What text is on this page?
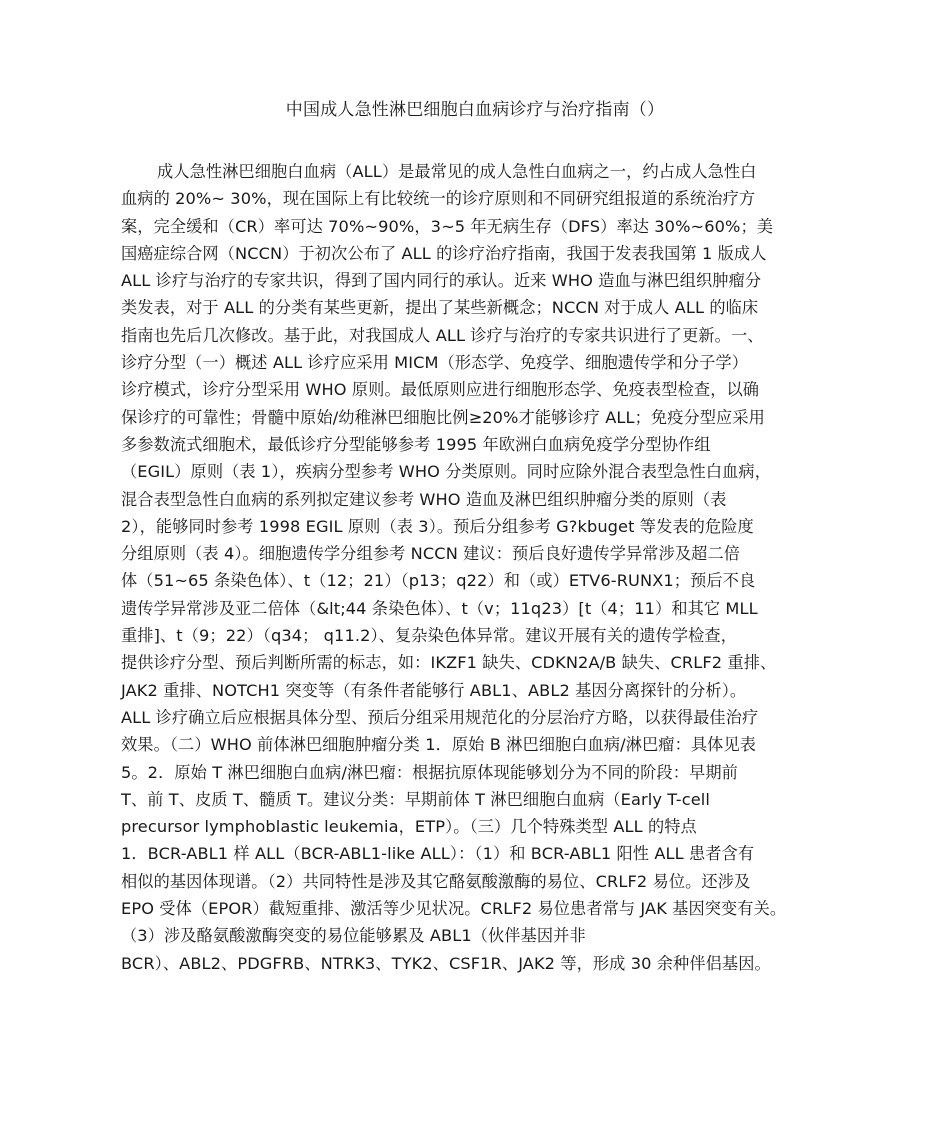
中国成人急性淋巴细胞白血病诊疗与治疗指南（）
成人急性淋巴细胞白血病（ALL）是最常见的成人急性白血病之一，约占成人急性白
血病的 20%~ 30%，现在国际上有比较统一的诊疗原则和不同研究组报道的系统治疗方
案，完全缓和（CR）率可达 70%~90%，3~5 年无病生存（DFS）率达 30%~60%；美
国癌症综合网（NCCN）于初次公布了 ALL 的诊疗治疗指南，我国于发表我国第 1 版成人
ALL 诊疗与治疗的专家共识，得到了国内同行的承认。近来 WHO 造血与淋巴组织肿瘤分
类发表，对于 ALL 的分类有某些更新，提出了某些新概念；NCCN 对于成人 ALL 的临床
指南也先后几次修改。基于此，对我国成人 ALL 诊疗与治疗的专家共识进行了更新。一、
诊疗分型（一）概述 ALL 诊疗应采用 MICM（形态学、免疫学、细胞遗传学和分子学）
诊疗模式，诊疗分型采用 WHO 原则。最低原则应进行细胞形态学、免疫表型检查，以确
保诊疗的可靠性；骨髓中原始/幼稚淋巴细胞比例≥20%才能够诊疗 ALL；免疫分型应采用
多参数流式细胞术，最低诊疗分型能够参考 1995 年欧洲白血病免疫学分型协作组
（EGIL）原则（表 1），疾病分型参考 WHO 分类原则。同时应除外混合表型急性白血病，
混合表型急性白血病的系列拟定建议参考 WHO 造血及淋巴组织肿瘤分类的原则（表
2），能够同时参考 1998 EGIL 原则（表 3）。预后分组参考 G?kbuget 等发表的危险度
分组原则（表 4）。细胞遗传学分组参考 NCCN 建议：预后良好遗传学异常涉及超二倍
体（51~65 条染色体）、t（12；21）（p13；q22）和（或）ETV6-RUNX1；预后不良
遗传学异常涉及亚二倍体（&lt;44 条染色体）、t（v；11q23）[t（4；11）和其它 MLL
重排]、t（9；22）（q34； q11.2）、复杂染色体异常。建议开展有关的遗传学检查，
提供诊疗分型、预后判断所需的标志，如：IKZF1 缺失、CDKN2A/B 缺失、CRLF2 重排、
JAK2 重排、NOTCH1 突变等（有条件者能够行 ABL1、ABL2 基因分离探针的分析）。
ALL 诊疗确立后应根据具体分型、预后分组采用规范化的分层治疗方略，以获得最佳治疗
效果。（二）WHO 前体淋巴细胞肿瘤分类 1．原始 B 淋巴细胞白血病/淋巴瘤：具体见表
5。2．原始 T 淋巴细胞白血病/淋巴瘤：根据抗原体现能够划分为不同的阶段：早期前
T、前 T、皮质 T、髓质 T。建议分类：早期前体 T 淋巴细胞白血病（Early T-cell
precursor lymphoblastic leukemia，ETP）。（三）几个特殊类型 ALL 的特点
1．BCR-ABL1 样 ALL（BCR-ABL1-like ALL）：（1）和 BCR-ABL1 阳性 ALL 患者含有
相似的基因体现谱。（2）共同特性是涉及其它酪氨酸激酶的易位、CRLF2 易位。还涉及
EPO 受体（EPOR）截短重排、激活等少见状况。CRLF2 易位患者常与 JAK 基因突变有关。
（3）涉及酪氨酸激酶突变的易位能够累及 ABL1（伙伴基因并非
BCR）、ABL2、PDGFRB、NTRK3、TYK2、CSF1R、JAK2 等，形成 30 余种伴侣基因。
